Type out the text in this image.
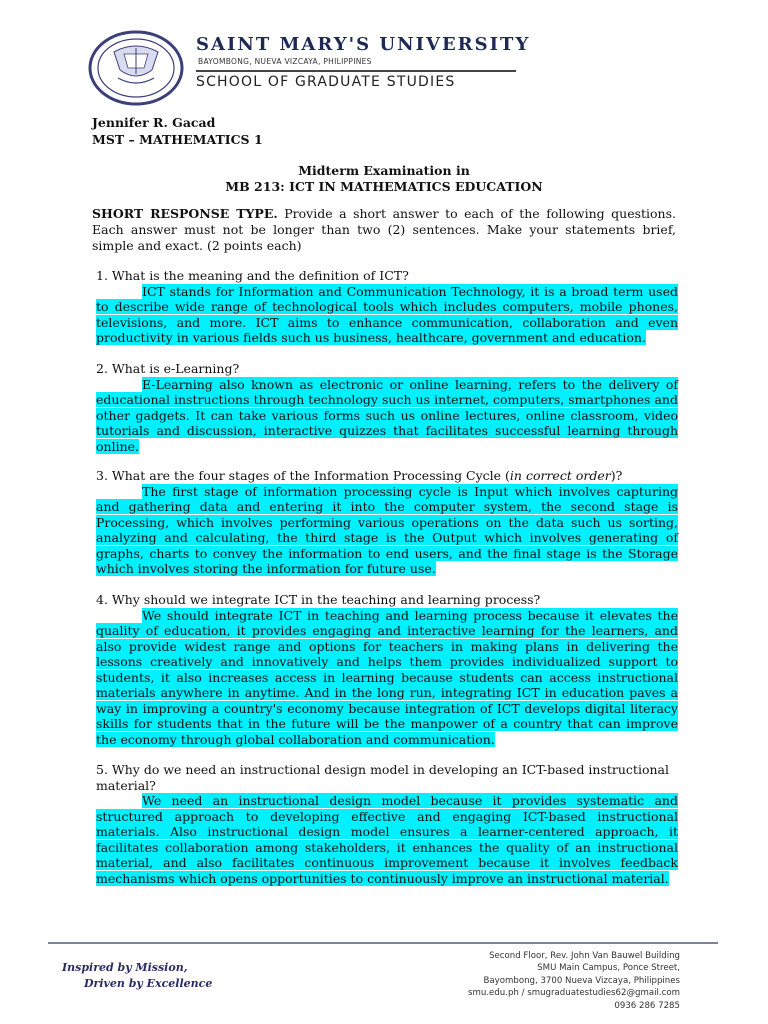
SAINT MARY'S UNIVERSITY
BAYOMBONG, NUEVA VIZCAYA, PHILIPPINES
SCHOOL OF GRADUATE STUDIES
Jennifer R. Gacad
MST – MATHEMATICS 1
Midterm Examination in
MB 213: ICT IN MATHEMATICS EDUCATION
SHORT RESPONSE TYPE. Provide a short answer to each of the following questions. Each answer must not be longer than two (2) sentences. Make your statements brief, simple and exact. (2 points each)

1. What is the meaning and the definition of ICT?

ICT stands for Information and Communication Technology, it is a broad term used to describe wide range of technological tools which includes computers, mobile phones, televisions, and more. ICT aims to enhance communication, collaboration and even productivity in various fields such us business, healthcare, government and education.

2. What is e-Learning?

E-Learning also known as electronic or online learning, refers to the delivery of educational instructions through technology such us internet, computers, smartphones and other gadgets. It can take various forms such us online lectures, online classroom, video tutorials and discussion, interactive quizzes that facilitates successful learning through online.

3. What are the four stages of the Information Processing Cycle (in correct order)?

The first stage of information processing cycle is Input which involves capturing and gathering data and entering it into the computer system, the second stage is Processing, which involves performing various operations on the data such us sorting, analyzing and calculating, the third stage is the Output which involves generating of graphs, charts to convey the information to end users, and the final stage is the Storage which involves storing the information for future use.

4. Why should we integrate ICT in the teaching and learning process?

We should integrate ICT in teaching and learning process because it elevates the quality of education, it provides engaging and interactive learning for the learners, and also provide widest range and options for teachers in making plans in delivering the lessons creatively and innovatively and helps them provides individualized support to students, it also increases access in learning because students can access instructional materials anywhere in anytime. And in the long run, integrating ICT in education paves a way in improving a country's economy because integration of ICT develops digital literacy skills for students that in the future will be the manpower of a country that can improve the economy through global collaboration and communication.

5. Why do we need an instructional design model in developing an ICT-based instructional material?

We need an instructional design model because it provides systematic and structured approach to developing effective and engaging ICT-based instructional materials. Also instructional design model ensures a learner-centered approach, it facilitates collaboration among stakeholders, it enhances the quality of an instructional material, and also facilitates continuous improvement because it involves feedback mechanisms which opens opportunities to continuously improve an instructional material.

Inspired by Mission,
Driven by Excellence
Second Floor, Rev. John Van Bauwel Building
SMU Main Campus, Ponce Street,
Bayombong, 3700 Nueva Vizcaya, Philippines
smu.edu.ph / smugraduatestudies62@gmail.com
0936 286 7285
